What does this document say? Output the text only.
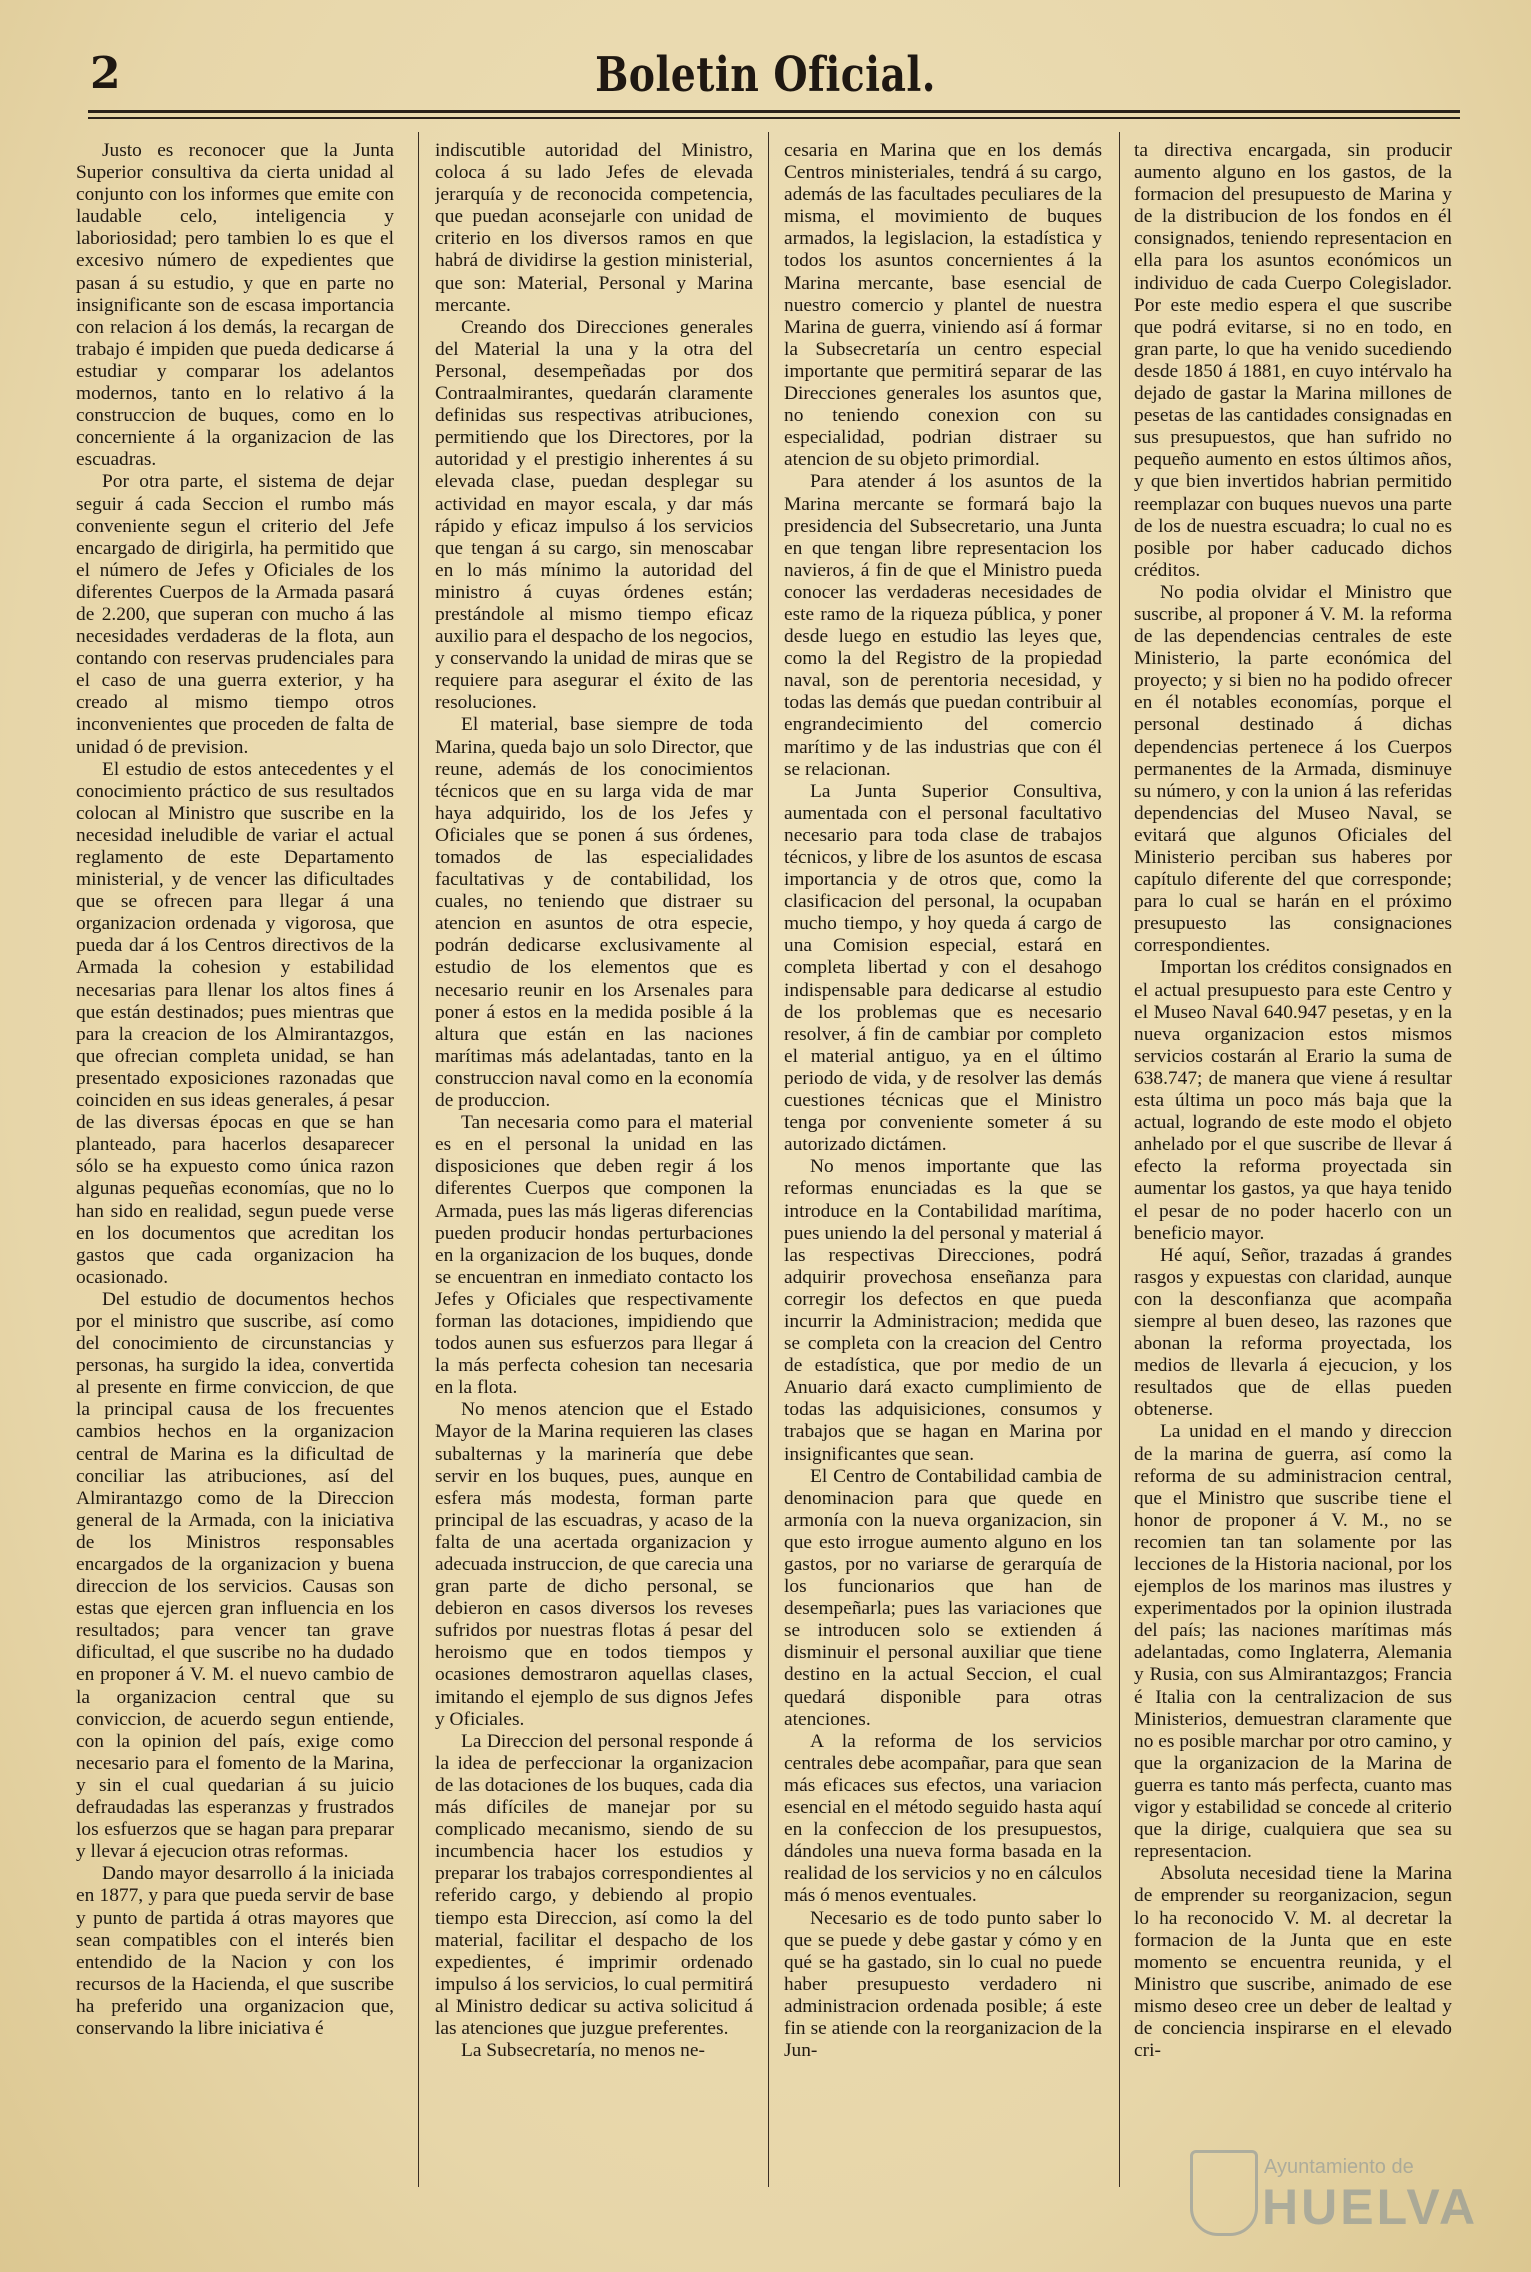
2	Boletin Oficial.

Justo es reconocer que la Junta Superior consultiva da cierta unidad al conjunto con los informes que emite con laudable celo, inteligencia y laboriosidad; pero tambien lo es que el excesivo número de expedientes que pasan á su estudio, y que en parte no insignificante son de escasa importancia con relacion á los demás, la recargan de trabajo é impiden que pueda dedicarse á estudiar y comparar los adelantos modernos, tanto en lo relativo á la construccion de buques, como en lo concerniente á la organizacion de las escuadras.

Por otra parte, el sistema de dejar seguir á cada Seccion el rumbo más conveniente segun el criterio del Jefe encargado de dirigirla, ha permitido que el número de Jefes y Oficiales de los diferentes Cuerpos de la Armada pasará de 2.200, que superan con mucho á las necesidades verdaderas de la flota, aun contando con reservas prudenciales para el caso de una guerra exterior, y ha creado al mismo tiempo otros inconvenientes que proceden de falta de unidad ó de prevision.

El estudio de estos antecedentes y el conocimiento práctico de sus resultados colocan al Ministro que suscribe en la necesidad ineludible de variar el actual reglamento de este Departamento ministerial, y de vencer las dificultades que se ofrecen para llegar á una organizacion ordenada y vigorosa, que pueda dar á los Centros directivos de la Armada la cohesion y estabilidad necesarias para llenar los altos fines á que están destinados; pues mientras que para la creacion de los Almirantazgos, que ofrecian completa unidad, se han presentado exposiciones razonadas que coinciden en sus ideas generales, á pesar de las diversas épocas en que se han planteado, para hacerlos desaparecer sólo se ha expuesto como única razon algunas pequeñas economías, que no lo han sido en realidad, segun puede verse en los documentos que acreditan los gastos que cada organizacion ha ocasionado.

Del estudio de documentos hechos por el ministro que suscribe, así como del conocimiento de circunstancias y personas, ha surgido la idea, convertida al presente en firme conviccion, de que la principal causa de los frecuentes cambios hechos en la organizacion central de Marina es la dificultad de conciliar las atribuciones, así del Almirantazgo como de la Direccion general de la Armada, con la iniciativa de los Ministros responsables encargados de la organizacion y buena direccion de los servicios. Causas son estas que ejercen gran influencia en los resultados; para vencer tan grave dificultad, el que suscribe no ha dudado en proponer á V. M. el nuevo cambio de la organizacion central que su conviccion, de acuerdo segun entiende, con la opinion del país, exige como necesario para el fomento de la Marina, y sin el cual quedarian á su juicio defraudadas las esperanzas y frustrados los esfuerzos que se hagan para preparar y llevar á ejecucion otras reformas.

Dando mayor desarrollo á la iniciada en 1877, y para que pueda servir de base y punto de partida á otras mayores que sean compatibles con el interés bien entendido de la Nacion y con los recursos de la Hacienda, el que suscribe ha preferido una organizacion que, conservando la libre iniciativa é

indiscutible autoridad del Ministro, coloca á su lado Jefes de elevada jerarquía y de reconocida competencia, que puedan aconsejarle con unidad de criterio en los diversos ramos en que habrá de dividirse la gestion ministerial, que son: Material, Personal y Marina mercante.

Creando dos Direcciones generales del Material la una y la otra del Personal, desempeñadas por dos Contraalmirantes, quedarán claramente definidas sus respectivas atribuciones, permitiendo que los Directores, por la autoridad y el prestigio inherentes á su elevada clase, puedan desplegar su actividad en mayor escala, y dar más rápido y eficaz impulso á los servicios que tengan á su cargo, sin menoscabar en lo más mínimo la autoridad del ministro á cuyas órdenes están; prestándole al mismo tiempo eficaz auxilio para el despacho de los negocios, y conservando la unidad de miras que se requiere para asegurar el éxito de las resoluciones.

El material, base siempre de toda Marina, queda bajo un solo Director, que reune, además de los conocimientos técnicos que en su larga vida de mar haya adquirido, los de los Jefes y Oficiales que se ponen á sus órdenes, tomados de las especialidades facultativas y de contabilidad, los cuales, no teniendo que distraer su atencion en asuntos de otra especie, podrán dedicarse exclusivamente al estudio de los elementos que es necesario reunir en los Arsenales para poner á estos en la medida posible á la altura que están en las naciones marítimas más adelantadas, tanto en la construccion naval como en la economía de produccion.

Tan necesaria como para el material es en el personal la unidad en las disposiciones que deben regir á los diferentes Cuerpos que componen la Armada, pues las más ligeras diferencias pueden producir hondas perturbaciones en la organizacion de los buques, donde se encuentran en inmediato contacto los Jefes y Oficiales que respectivamente forman las dotaciones, impidiendo que todos aunen sus esfuerzos para llegar á la más perfecta cohesion tan necesaria en la flota.

No menos atencion que el Estado Mayor de la Marina requieren las clases subalternas y la marinería que debe servir en los buques, pues, aunque en esfera más modesta, forman parte principal de las escuadras, y acaso de la falta de una acertada organizacion y adecuada instruccion, de que carecia una gran parte de dicho personal, se debieron en casos diversos los reveses sufridos por nuestras flotas á pesar del heroismo que en todos tiempos y ocasiones demostraron aquellas clases, imitando el ejemplo de sus dignos Jefes y Oficiales.

La Direccion del personal responde á la idea de perfeccionar la organizacion de las dotaciones de los buques, cada dia más difíciles de manejar por su complicado mecanismo, siendo de su incumbencia hacer los estudios y preparar los trabajos correspondientes al referido cargo, y debiendo al propio tiempo esta Direccion, así como la del material, facilitar el despacho de los expedientes, é imprimir ordenado impulso á los servicios, lo cual permitirá al Ministro dedicar su activa solicitud á las atenciones que juzgue preferentes.

La Subsecretaría, no menos ne-

cesaria en Marina que en los demás Centros ministeriales, tendrá á su cargo, además de las facultades peculiares de la misma, el movimiento de buques armados, la legislacion, la estadística y todos los asuntos concernientes á la Marina mercante, base esencial de nuestro comercio y plantel de nuestra Marina de guerra, viniendo así á formar la Subsecretaría un centro especial importante que permitirá separar de las Direcciones generales los asuntos que, no teniendo conexion con su especialidad, podrian distraer su atencion de su objeto primordial.

Para atender á los asuntos de la Marina mercante se formará bajo la presidencia del Subsecretario, una Junta en que tengan libre representacion los navieros, á fin de que el Ministro pueda conocer las verdaderas necesidades de este ramo de la riqueza pública, y poner desde luego en estudio las leyes que, como la del Registro de la propiedad naval, son de perentoria necesidad, y todas las demás que puedan contribuir al engrandecimiento del comercio marítimo y de las industrias que con él se relacionan.

La Junta Superior Consultiva, aumentada con el personal facultativo necesario para toda clase de trabajos técnicos, y libre de los asuntos de escasa importancia y de otros que, como la clasificacion del personal, la ocupaban mucho tiempo, y hoy queda á cargo de una Comision especial, estará en completa libertad y con el desahogo indispensable para dedicarse al estudio de los problemas que es necesario resolver, á fin de cambiar por completo el material antiguo, ya en el último periodo de vida, y de resolver las demás cuestiones técnicas que el Ministro tenga por conveniente someter á su autorizado dictámen.

No menos importante que las reformas enunciadas es la que se introduce en la Contabilidad marítima, pues uniendo la del personal y material á las respectivas Direcciones, podrá adquirir provechosa enseñanza para corregir los defectos en que pueda incurrir la Administracion; medida que se completa con la creacion del Centro de estadística, que por medio de un Anuario dará exacto cumplimiento de todas las adquisiciones, consumos y trabajos que se hagan en Marina por insignificantes que sean.

El Centro de Contabilidad cambia de denominacion para que quede en armonía con la nueva organizacion, sin que esto irrogue aumento alguno en los gastos, por no variarse de gerarquía de los funcionarios que han de desempeñarla; pues las variaciones que se introducen solo se extienden á disminuir el personal auxiliar que tiene destino en la actual Seccion, el cual quedará disponible para otras atenciones.

A la reforma de los servicios centrales debe acompañar, para que sean más eficaces sus efectos, una variacion esencial en el método seguido hasta aquí en la confeccion de los presupuestos, dándoles una nueva forma basada en la realidad de los servicios y no en cálculos más ó menos eventuales.

Necesario es de todo punto saber lo que se puede y debe gastar y cómo y en qué se ha gastado, sin lo cual no puede haber presupuesto verdadero ni administracion ordenada posible; á este fin se atiende con la reorganizacion de la Jun-

ta directiva encargada, sin producir aumento alguno en los gastos, de la formacion del presupuesto de Marina y de la distribucion de los fondos en él consignados, teniendo representacion en ella para los asuntos económicos un individuo de cada Cuerpo Colegislador. Por este medio espera el que suscribe que podrá evitarse, si no en todo, en gran parte, lo que ha venido sucediendo desde 1850 á 1881, en cuyo intérvalo ha dejado de gastar la Marina millones de pesetas de las cantidades consignadas en sus presupuestos, que han sufrido no pequeño aumento en estos últimos años, y que bien invertidos habrian permitido reemplazar con buques nuevos una parte de los de nuestra escuadra; lo cual no es posible por haber caducado dichos créditos.

No podia olvidar el Ministro que suscribe, al proponer á V. M. la reforma de las dependencias centrales de este Ministerio, la parte económica del proyecto; y si bien no ha podido ofrecer en él notables economías, porque el personal destinado á dichas dependencias pertenece á los Cuerpos permanentes de la Armada, disminuye su número, y con la union á las referidas dependencias del Museo Naval, se evitará que algunos Oficiales del Ministerio perciban sus haberes por capítulo diferente del que corresponde; para lo cual se harán en el próximo presupuesto las consignaciones correspondientes.

Importan los créditos consignados en el actual presupuesto para este Centro y el Museo Naval 640.947 pesetas, y en la nueva organizacion estos mismos servicios costarán al Erario la suma de 638.747; de manera que viene á resultar esta última un poco más baja que la actual, logrando de este modo el objeto anhelado por el que suscribe de llevar á efecto la reforma proyectada sin aumentar los gastos, ya que haya tenido el pesar de no poder hacerlo con un beneficio mayor.

Hé aquí, Señor, trazadas á grandes rasgos y expuestas con claridad, aunque con la desconfianza que acompaña siempre al buen deseo, las razones que abonan la reforma proyectada, los medios de llevarla á ejecucion, y los resultados que de ellas pueden obtenerse.

La unidad en el mando y direccion de la marina de guerra, así como la reforma de su administracion central, que el Ministro que suscribe tiene el honor de proponer á V. M., no se recomien tan tan solamente por las lecciones de la Historia nacional, por los ejemplos de los marinos mas ilustres y experimentados por la opinion ilustrada del país; las naciones marítimas más adelantadas, como Inglaterra, Alemania y Rusia, con sus Almirantazgos; Francia é Italia con la centralizacion de sus Ministerios, demuestran claramente que no es posible marchar por otro camino, y que la organizacion de la Marina de guerra es tanto más perfecta, cuanto mas vigor y estabilidad se concede al criterio que la dirige, cualquiera que sea su representacion.

Absoluta necesidad tiene la Marina de emprender su reorganizacion, segun lo ha reconocido V. M. al decretar la formacion de la Junta que en este momento se encuentra reunida, y el Ministro que suscribe, animado de ese mismo deseo cree un deber de lealtad y de conciencia inspirarse en el elevado cri-

Ayuntamiento de
HUELVA
